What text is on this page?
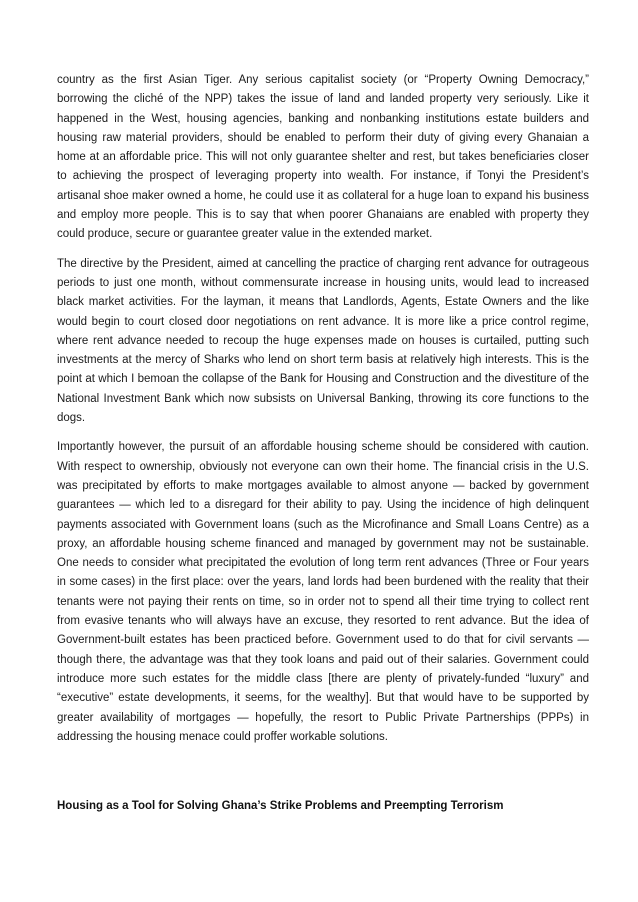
country as the first Asian Tiger. Any serious capitalist society (or “Property Owning Democracy,” borrowing the cliché of the NPP) takes the issue of land and landed property very seriously. Like it happened in the West, housing agencies, banking and nonbanking institutions estate builders and housing raw material providers, should be enabled to perform their duty of giving every Ghanaian a home at an affordable price. This will not only guarantee shelter and rest, but takes beneficiaries closer to achieving the prospect of leveraging property into wealth. For instance, if Tonyi the President’s artisanal shoe maker owned a home, he could use it as collateral for a huge loan to expand his business and employ more people. This is to say that when poorer Ghanaians are enabled with property they could produce, secure or guarantee greater value in the extended market.

The directive by the President, aimed at cancelling the practice of charging rent advance for outrageous periods to just one month, without commensurate increase in housing units, would lead to increased black market activities. For the layman, it means that Landlords, Agents, Estate Owners and the like would begin to court closed door negotiations on rent advance. It is more like a price control regime, where rent advance needed to recoup the huge expenses made on houses is curtailed, putting such investments at the mercy of Sharks who lend on short term basis at relatively high interests. This is the point at which I bemoan the collapse of the Bank for Housing and Construction and the divestiture of the National Investment Bank which now subsists on Universal Banking, throwing its core functions to the dogs.

Importantly however, the pursuit of an affordable housing scheme should be considered with caution. With respect to ownership, obviously not everyone can own their home. The financial crisis in the U.S. was precipitated by efforts to make mortgages available to almost anyone — backed by government guarantees — which led to a disregard for their ability to pay. Using the incidence of high delinquent payments associated with Government loans (such as the Microfinance and Small Loans Centre) as a proxy, an affordable housing scheme financed and managed by government may not be sustainable. One needs to consider what precipitated the evolution of long term rent advances (Three or Four years in some cases) in the first place: over the years, land lords had been burdened with the reality that their tenants were not paying their rents on time, so in order not to spend all their time trying to collect rent from evasive tenants who will always have an excuse, they resorted to rent advance. But the idea of Government-built estates has been practiced before. Government used to do that for civil servants — though there, the advantage was that they took loans and paid out of their salaries. Government could introduce more such estates for the middle class [there are plenty of privately-funded “luxury” and “executive” estate developments, it seems, for the wealthy]. But that would have to be supported by greater availability of mortgages — hopefully, the resort to Public Private Partnerships (PPPs) in addressing the housing menace could proffer workable solutions.

Housing as a Tool for Solving Ghana’s Strike Problems and Preempting Terrorism
